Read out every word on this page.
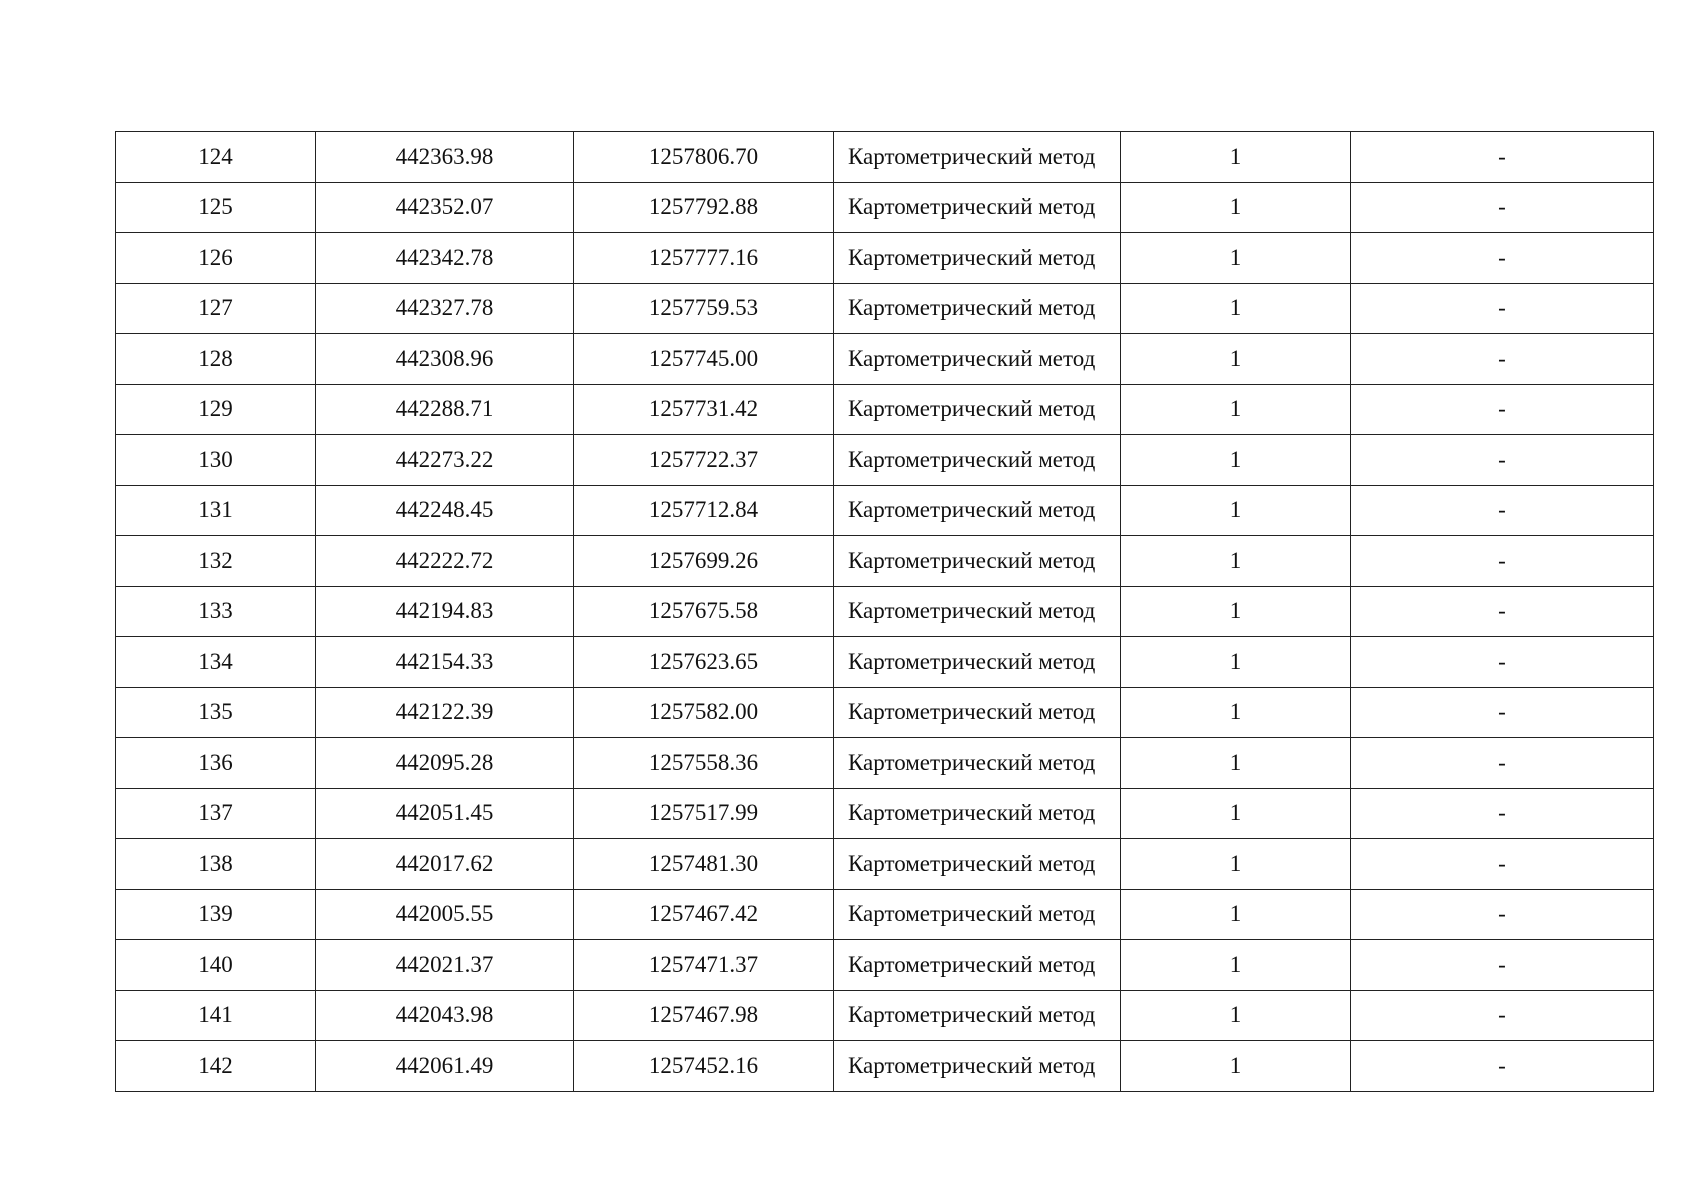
124	442363.98	1257806.70	Картометрический метод	1	-
125	442352.07	1257792.88	Картометрический метод	1	-
126	442342.78	1257777.16	Картометрический метод	1	-
127	442327.78	1257759.53	Картометрический метод	1	-
128	442308.96	1257745.00	Картометрический метод	1	-
129	442288.71	1257731.42	Картометрический метод	1	-
130	442273.22	1257722.37	Картометрический метод	1	-
131	442248.45	1257712.84	Картометрический метод	1	-
132	442222.72	1257699.26	Картометрический метод	1	-
133	442194.83	1257675.58	Картометрический метод	1	-
134	442154.33	1257623.65	Картометрический метод	1	-
135	442122.39	1257582.00	Картометрический метод	1	-
136	442095.28	1257558.36	Картометрический метод	1	-
137	442051.45	1257517.99	Картометрический метод	1	-
138	442017.62	1257481.30	Картометрический метод	1	-
139	442005.55	1257467.42	Картометрический метод	1	-
140	442021.37	1257471.37	Картометрический метод	1	-
141	442043.98	1257467.98	Картометрический метод	1	-
142	442061.49	1257452.16	Картометрический метод	1	-
